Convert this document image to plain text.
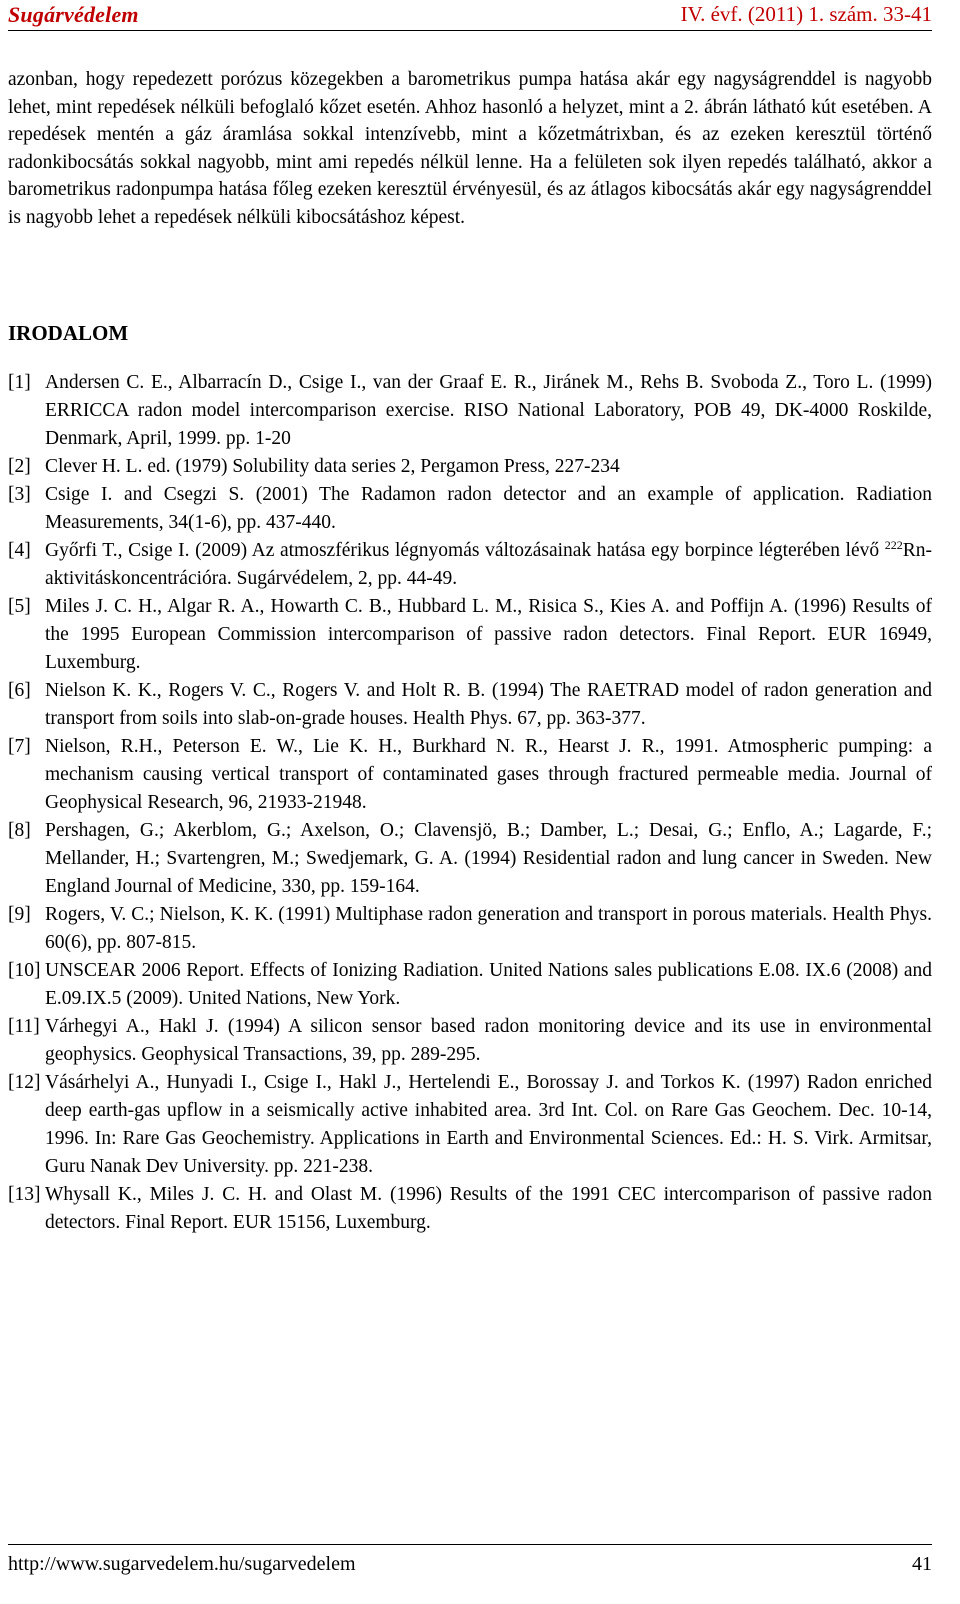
Sugárvédelem	IV. évf. (2011) 1. szám. 33-41

azonban, hogy repedezett porózus közegekben a barometrikus pumpa hatása akár egy nagyságrenddel is nagyobb lehet, mint repedések nélküli befoglaló kőzet esetén. Ahhoz hasonló a helyzet, mint a 2. ábrán látható kút esetében. A repedések mentén a gáz áramlása sokkal intenzívebb, mint a kőzetmátrixban, és az ezeken keresztül történő radonkibocsátás sokkal nagyobb, mint ami repedés nélkül lenne. Ha a felületen sok ilyen repedés található, akkor a barometrikus radonpumpa hatása főleg ezeken keresztül érvényesül, és az átlagos kibocsátás akár egy nagyságrenddel is nagyobb lehet a repedések nélküli kibocsátáshoz képest.

IRODALOM

[1] Andersen C. E., Albarracín D., Csige I., van der Graaf E. R., Jiránek M., Rehs B. Svoboda Z., Toro L. (1999) ERRICCA radon model intercomparison exercise. RISO National Laboratory, POB 49, DK-4000 Roskilde, Denmark, April, 1999. pp. 1-20

[2] Clever H. L. ed. (1979) Solubility data series 2, Pergamon Press, 227-234

[3] Csige I. and Csegzi S. (2001) The Radamon radon detector and an example of application. Radiation Measurements, 34(1-6), pp. 437-440.

[4] Győrfi T., Csige I. (2009) Az atmoszférikus légnyomás változásainak hatása egy borpince légterében lévő $^{222}$Rn-aktivitáskoncentrációra. Sugárvédelem, 2, pp. 44-49.

[5] Miles J. C. H., Algar R. A., Howarth C. B., Hubbard L. M., Risica S., Kies A. and Poffijn A. (1996) Results of the 1995 European Commission intercomparison of passive radon detectors. Final Report. EUR 16949, Luxemburg.

[6] Nielson K. K., Rogers V. C., Rogers V. and Holt R. B. (1994) The RAETRAD model of radon generation and transport from soils into slab-on-grade houses. Health Phys. 67, pp. 363-377.

[7] Nielson, R.H., Peterson E. W., Lie K. H., Burkhard N. R., Hearst J. R., 1991. Atmospheric pumping: a mechanism causing vertical transport of contaminated gases through fractured permeable media. Journal of Geophysical Research, 96, 21933-21948.

[8] Pershagen, G.; Akerblom, G.; Axelson, O.; Clavensjö, B.; Damber, L.; Desai, G.; Enflo, A.; Lagarde, F.; Mellander, H.; Svartengren, M.; Swedjemark, G. A. (1994) Residential radon and lung cancer in Sweden. New England Journal of Medicine, 330, pp. 159-164.

[9] Rogers, V. C.; Nielson, K. K. (1991) Multiphase radon generation and transport in porous materials. Health Phys. 60(6), pp. 807-815.

[10] UNSCEAR 2006 Report. Effects of Ionizing Radiation. United Nations sales publications E.08. IX.6 (2008) and E.09.IX.5 (2009). United Nations, New York.

[11] Várhegyi A., Hakl J. (1994) A silicon sensor based radon monitoring device and its use in environmental geophysics. Geophysical Transactions, 39, pp. 289-295.

[12] Vásárhelyi A., Hunyadi I., Csige I., Hakl J., Hertelendi E., Borossay J. and Torkos K. (1997) Radon enriched deep earth-gas upflow in a seismically active inhabited area. 3rd Int. Col. on Rare Gas Geochem. Dec. 10-14, 1996. In: Rare Gas Geochemistry. Applications in Earth and Environmental Sciences. Ed.: H. S. Virk. Armitsar, Guru Nanak Dev University. pp. 221-238.

[13] Whysall K., Miles J. C. H. and Olast M. (1996) Results of the 1991 CEC intercomparison of passive radon detectors. Final Report. EUR 15156, Luxemburg.

http://www.sugarvedelem.hu/sugarvedelem	41
